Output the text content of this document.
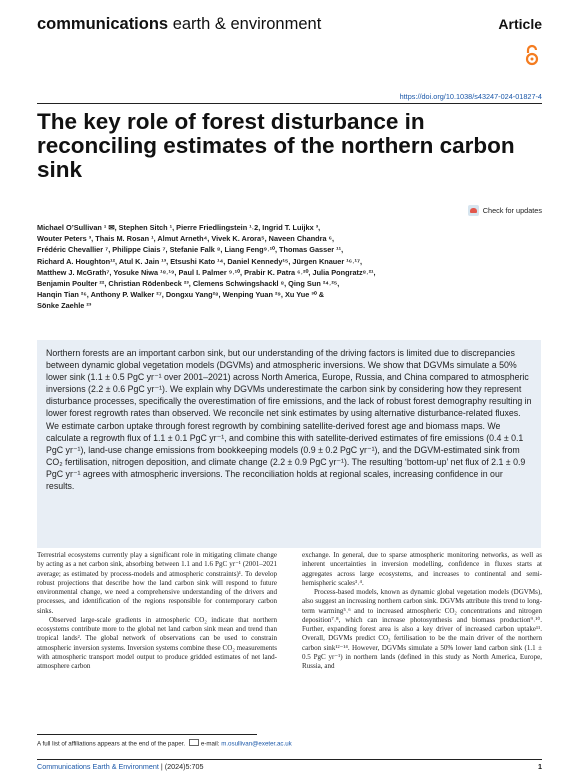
communications earth & environment	Article
https://doi.org/10.1038/s43247-024-01827-4
The key role of forest disturbance in reconciling estimates of the northern carbon sink
Check for updates
Michael O’Sullivan ¹ ✉, Stephen Sitch ¹, Pierre Friedlingstein ¹˒2, Ingrid T. Luijkx ³,
Wouter Peters ³, Thais M. Rosan ¹, Almut Arneth⁴, Vivek K. Arora⁵, Naveen Chandra ⁶,
Frédéric Chevallier ⁷, Philippe Ciais ⁷, Stefanie Falk ⁸, Liang Feng⁹˒¹⁰, Thomas Gasser ¹¹,
Richard A. Houghton¹², Atul K. Jain ¹³, Etsushi Kato ¹⁴, Daniel Kennedy¹⁵, Jürgen Knauer ¹⁶˒¹⁷,
Matthew J. McGrath⁷, Yosuke Niwa ¹⁸˒¹⁹, Paul I. Palmer ⁹˒¹⁰, Prabir K. Patra ⁶˒²⁰, Julia Pongratz⁸˒²¹,
Benjamin Poulter ²², Christian Rödenbeck ²³, Clemens Schwingshackl ⁸, Qing Sun ²⁴˒²⁵,
Hanqin Tian ²⁶, Anthony P. Walker ²⁷, Dongxu Yang²⁸, Wenping Yuan ²⁹, Xu Yue ³⁰ &
Sönke Zaehle ²³
Northern forests are an important carbon sink, but our understanding of the driving factors is limited due to discrepancies between dynamic global vegetation models (DGVMs) and atmospheric inversions. We show that DGVMs simulate a 50% lower sink (1.1 ± 0.5 PgC yr⁻¹ over 2001–2021) across North America, Europe, Russia, and China compared to atmospheric inversions (2.2 ± 0.6 PgC yr⁻¹). We explain why DGVMs underestimate the carbon sink by considering how they represent disturbance processes, specifically the overestimation of fire emissions, and the lack of robust forest demography resulting in lower forest regrowth rates than observed. We reconcile net sink estimates by using alternative disturbance-related fluxes. We estimate carbon uptake through forest regrowth by combining satellite-derived forest age and biomass maps. We calculate a regrowth flux of 1.1 ± 0.1 PgC yr⁻¹, and combine this with satellite-derived estimates of fire emissions (0.4 ± 0.1 PgC yr⁻¹), land-use change emissions from bookkeeping models (0.9 ± 0.2 PgC yr⁻¹), and the DGVM-estimated sink from CO₂ fertilisation, nitrogen deposition, and climate change (2.2 ± 0.9 PgC yr⁻¹). The resulting ‘bottom-up’ net flux of 2.1 ± 0.9 PgC yr⁻¹ agrees with atmospheric inversions. The reconciliation holds at regional scales, increasing confidence in our results.

Terrestrial ecosystems currently play a significant role in mitigating climate change by acting as a net carbon sink, absorbing between 1.1 and 1.6 PgC yr⁻¹ (2001–2021 average; as estimated by process-models and atmospheric constraints)¹. To develop robust projections that describe how the land carbon sink will respond to future environmental change, we need a comprehensive understanding of the drivers and processes, and identification of the regions responsible for contemporary carbon sinks.

Observed large-scale gradients in atmospheric CO₂ indicate that northern ecosystems contribute more to the global net land carbon sink mean and trend than tropical lands². The global network of observations can be used to constrain atmospheric inversion systems. Inversion systems combine these CO₂ measurements with atmospheric transport model output to produce gridded estimates of net land-atmosphere carbon

exchange. In general, due to sparse atmospheric monitoring networks, as well as inherent uncertainties in inversion modelling, confidence in fluxes starts at aggregates across large ecosystems, and increases to continental and semi-hemispheric scales³˒⁴.

Process-based models, known as dynamic global vegetation models (DGVMs), also suggest an increasing northern carbon sink. DGVMs attribute this trend to long-term warming⁵˒⁶ and to increased atmospheric CO₂ concentrations and nitrogen deposition⁷˒⁸, which can increase photosynthesis and biomass production⁹˒¹⁰. Further, expanding forest area is also a key driver of increased carbon uptake¹¹. Overall, DGVMs predict CO₂ fertilisation to be the main driver of the northern carbon sink¹²⁻¹⁴. However, DGVMs simulate a 50% lower land carbon sink (1.1 ± 0.5 PgC yr⁻¹) in northern lands (defined in this study as North America, Europe, Russia, and

A full list of affiliations appears at the end of the paper.	e-mail: m.osullivan@exeter.ac.uk
Communications Earth & Environment | (2024)5:705	1
